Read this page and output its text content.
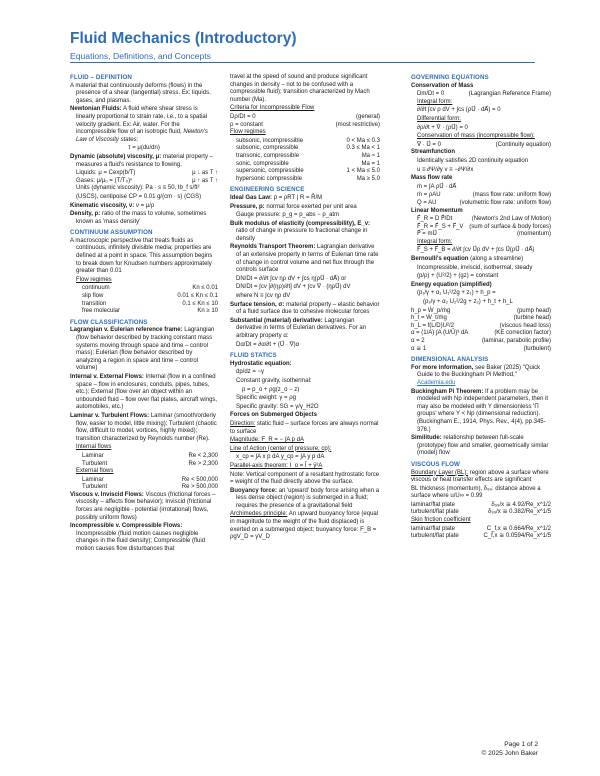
Fluid Mechanics (Introductory)
Equations, Definitions, and Concepts
FLUID – DEFINITION

A material that continuously deforms (flows) in the presence of a shear (tangential) stress. Ex: liquids, gases, and plasmas.

Newtonian Fluids: A fluid where shear stress is linearly proportional to strain rate, i.e., to a spatial velocity gradient. Ex: Air, water. For the incompressible flow of an isotropic fluid, Newton's Law of Viscosity states:

τ = μ(du/dn)

Dynamic (absolute) viscosity, μ: material property – measures a fluid's resistance to flowing.

Liquids: μ = Cexp(b/T)	μ ↓ as T ↑
Gases: μ/μ₀ = (T/T₀)ⁿ	μ ↑ as T ↑

Units (dynamic viscosity): Pa · s ≡ 50, Ib_f s/ft²

(USCS), centipoise CP = 0.01 g/(cm · s) (CGS)

Kinematic viscosity, ν: ν = μ/ρ

Density, ρ: ratio of the mass to volume, sometimes known as 'mass density'

CONTINUUM ASSUMPTION

A macroscopic perspective that treats fluids as continuous, infinitely divisible media; properties are defined at a point in space. This assumption begins to break down for Knudsen numbers approximately greater than 0.01

Flow regimes

continuum	Kn ≤ 0.01
slip flow	0.01 ≤ Kn ≤ 0.1
transition	0.1 ≤ Kn ≤ 10
free molecular	Kn ≥ 10
FLOW CLASSIFICATIONS

Lagrangian v. Eulerian reference frame: Lagrangian (flow behavior described by tracking constant mass systems moving through space and time – control mass); Eulerian (flow behavior described by analyzing a region in space and time – control volume)

Internal v. External Flows: Internal (flow in a confined space – flow in enclosures, conduits, pipes, tubes, etc.); External (flow over an object within an unbounded fluid – flow over flat plates, aircraft wings, automobiles, etc.)

Laminar v. Turbulent Flows: Laminar (smooth/orderly flow, easier to model, little mixing); Turbulent (chaotic flow, difficult to model, vortices, highly mixed); transition characterized by Reynolds number (Re).

Internal flows

Laminar	Re < 2,300
Turbulent	Re > 2,300

External flows

Laminar	Re < 500,000
Turbulent	Re > 500,000

Viscous v. Inviscid Flows: Viscous (frictional forces – viscosity – affects flow behavior); Inviscid (frictional forces are negligible - potential (irrotational) flows, possibly uniform flows)

Incompressible v. Compressible Flows: Incompressible (fluid motion causes negligible changes in the fluid density); Compressible (fluid motion causes flow disturbances that

travel at the speed of sound and produce significant changes in density – not to be confused with a compressible fluid); transition characterized by Mach number (Ma).

Criteria for Incompressible Flow

Dρ/Dt = 0	(general)
ρ = constant	(most restrictive)

Flow regimes

subsonic, incompressible	0 < Ma ≤ 0.3
subsonic, compressible	0.3 ≤ Ma < 1
transonic, compressible	Ma ≈ 1
sonic, compressible	Ma = 1
supersonic, compressible	1 < Ma ≤ 5.0
hypersonic compressible	Ma ≥ 5.0
ENGINEERING SCIENCE

Ideal Gas Law: p = ρRT | R = R̄/M

Pressure, p: normal force exerted per unit area

Gauge pressure: p_g = p_abs − p_atm

Bulk modulus of elasticity (compressibility), E_v: ratio of change in pressure to fractional change in density

Reynolds Transport Theorem: Lagrangian derivative of an extensive property in terms of Eulerian time rate of change in control volume and net flux through the controls surface

DN/Dt = ∂/∂t ∫cv ηρ dV + ∫cs η(ρU⃗ · dA⃗) or

DN/Dt = ∫cv [∂(ηρ)/∂t] dV + ∫cv ∇ · (ηρU⃗) dV

where N ≡ ∫cv ηρ dV

Surface tension, σ: material property – elastic behavior of a fluid surface due to cohesive molecular forces

Substantial (material) derivative: Lagrangian derivative in terms of Eulerian derivatives. For an arbitrary property α:

Dα/Dt = ∂α/∂t + (U⃗ · ∇)α

FLUID STATICS

Hydrostatic equation:

dp/dz = −γ

Constant gravity, isothermal:

p = p_o + ρg(z_o − z)

Specific weight: γ = ρg

Specific gravity: SG = γ/γ_H2O

Forces on Submerged Objects

Direction: static fluid – surface forces are always normal to surface

Magnitude: F_R = − ∫A p dA

Line of Action (center of pressure, cp):

x_cp = ∫A x p dA y_cp = ∫A y p dA

Parallel-axis theorem: I_o = Ī + ȳ²A

Note: Vertical component of a resultant hydrostatic force = weight of the fluid directly above the surface.

Buoyancy force: an 'upward' body force arising when a less dense object (region) is submerged in a fluid; requires the presence of a gravitational field

Archimedes principle: An upward buoyancy force (equal in magnitude to the weight of the fluid displaced) is exerted on a submerged object; buoyancy force: F_B = ρgV_D = γV_D

GOVERNING EQUATIONS

Conservation of Mass

Dm/Dt = 0	(Lagrangian Reference Frame)

Integral form:

∂/∂t ∫cv ρ dV + ∫cs (ρU⃗ · dA⃗) = 0

Differential form:

∂ρ/∂t + ∇ · (ρU⃗) = 0

Conservation of mass (incompressible flow):

∇ · U⃗ = 0	(Continuity equation)

Streamfunction

Identically satisfies 2D continuity equation

u ≡ ∂Ψ/∂y v ≡ −∂Ψ/∂x

Mass flow rate

ṁ = ∫A ρU⃗ · dA⃗

ṁ = ρAU	(mass flow rate: uniform flow)
Q = AU	(volumetric flow rate: uniform flow)

Linear Momentum

F⃗_R = D P⃗/Dt	(Newton's 2nd Law of Motion)
F⃗_R = F⃗_S + F⃗_V (sum of surface & body forces)
P⃗ = mU⃗	(momentum)

Integral form:

F⃗_S + F⃗_B = ∂/∂t ∫cv U⃗ρ dV + ∫cs U⃗(ρU⃗ · dA⃗)

Bernoulli's equation (along a streamline)

Incompressible, inviscid, isothermal, steady

(p/ρ) + (U²/2) + (gz) = constant

Energy equation (simplified)

(p₁/γ + α₁ U₁²/2g + z₁) + h_p =

(p₂/γ + α₂ U₂²/2g + z₂) + h_t + h_L

h_p = Ẇ_p/ṁg	(pump head)
h_t = Ẇ_t/ṁg	(turbine head)
h_L = f(L/D)U²/2	(viscous head loss)
α = (1/A) ∫A (U/Ū)³ dA	(KE correction factor)
α = 2	(laminar, parabolic profile)
α ≅ 1	(turbulent)
DIMENSIONAL ANALYSIS

For more information, see Baker (2025) "Quick Guide to the Buckingham Pi Method," Academia.edu

Buckingham Pi Theorem: If a problem may be modeled with Np independent parameters, then it may also be modeled with Y dimensionless 'Π groups' where Y < Np (dimensional reduction). (Buckingham E., 1914, Phys. Rev., 4(4), pp.345-376.)

Similitude: relationship between full-scale (prototype) flow and smaller, geometrically similar (model) flow

VISCOUS FLOW

Boundary Layer (BL): region above a surface where viscous or heat transfer effects are significant

BL thickness (momentum), δ₉₉: distance above a surface where u/U∞ = 0.99

laminar/flat plate	δ₉₉/x ≅ 4.92/Re_x^1/2
turbulent/flat plate	δ₉₉/x ≅ 0.382/Re_x^1/5

Skin friction coefficient

laminar/flat plate	C_f,x ≅ 0.664/Re_x^1/2
turbulent/flat plate	C_f,x ≅ 0.0594/Re_x^1/5
Page 1 of 2
© 2025 John Baker
